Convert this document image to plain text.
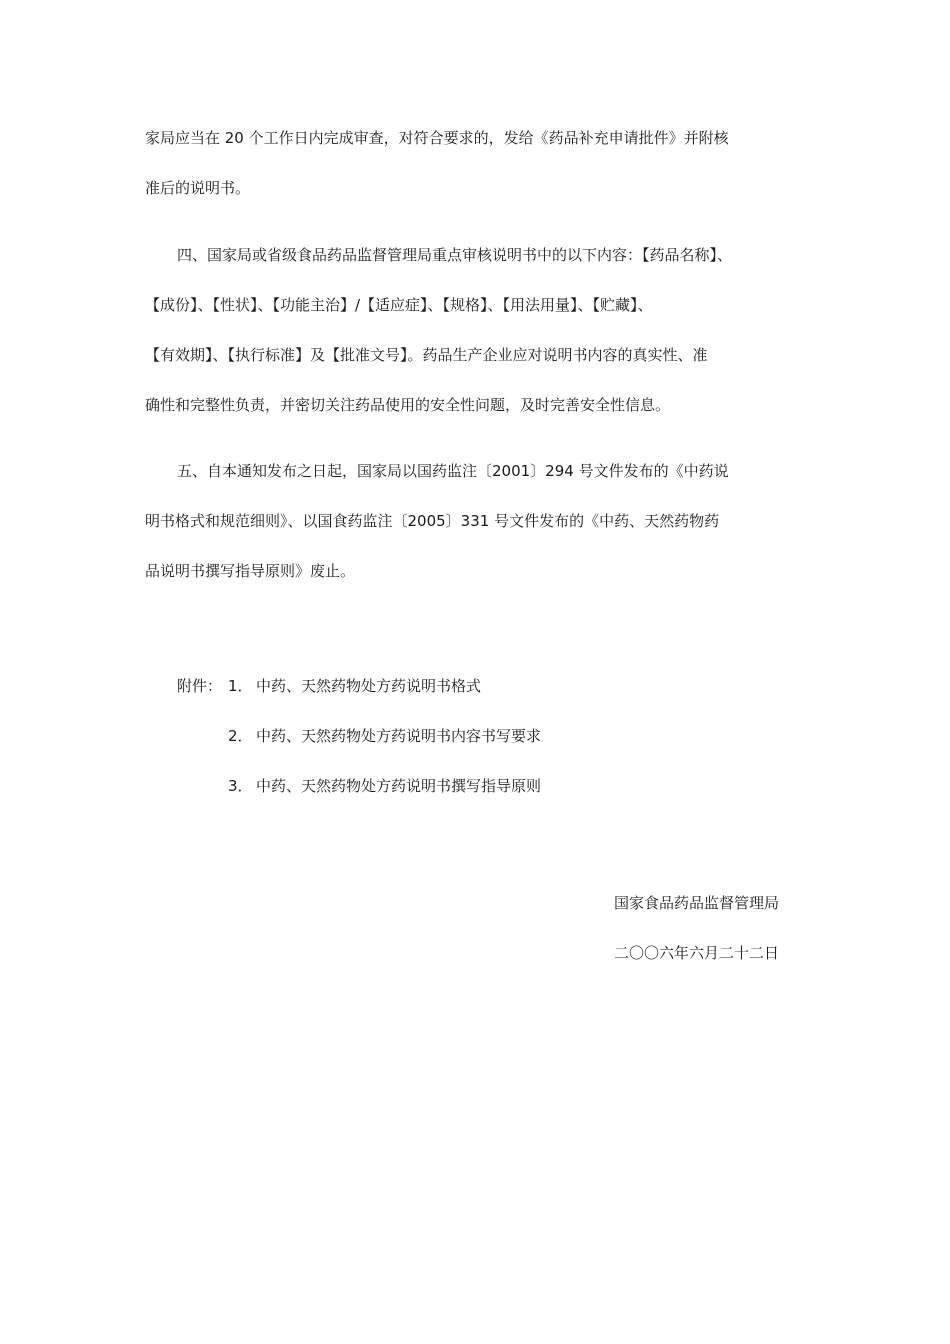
家局应当在 20 个工作日内完成审查，对符合要求的，发给《药品补充申请批件》并附核
准后的说明书。
四、国家局或省级食品药品监督管理局重点审核说明书中的以下内容：【药品名称】、
【成份】、【性状】、【功能主治】/【适应症】、【规格】、【用法用量】、【贮藏】、
【有效期】、【执行标准】及【批准文号】。药品生产企业应对说明书内容的真实性、准
确性和完整性负责，并密切关注药品使用的安全性问题，及时完善安全性信息。
五、自本通知发布之日起，国家局以国药监注〔2001〕294 号文件发布的《中药说
明书格式和规范细则》、以国食药监注〔2005〕331 号文件发布的《中药、天然药物药
品说明书撰写指导原则》废止。
附件： 1． 中药、天然药物处方药说明书格式
2． 中药、天然药物处方药说明书内容书写要求
3． 中药、天然药物处方药说明书撰写指导原则
国家食品药品监督管理局
二〇〇六年六月二十二日
